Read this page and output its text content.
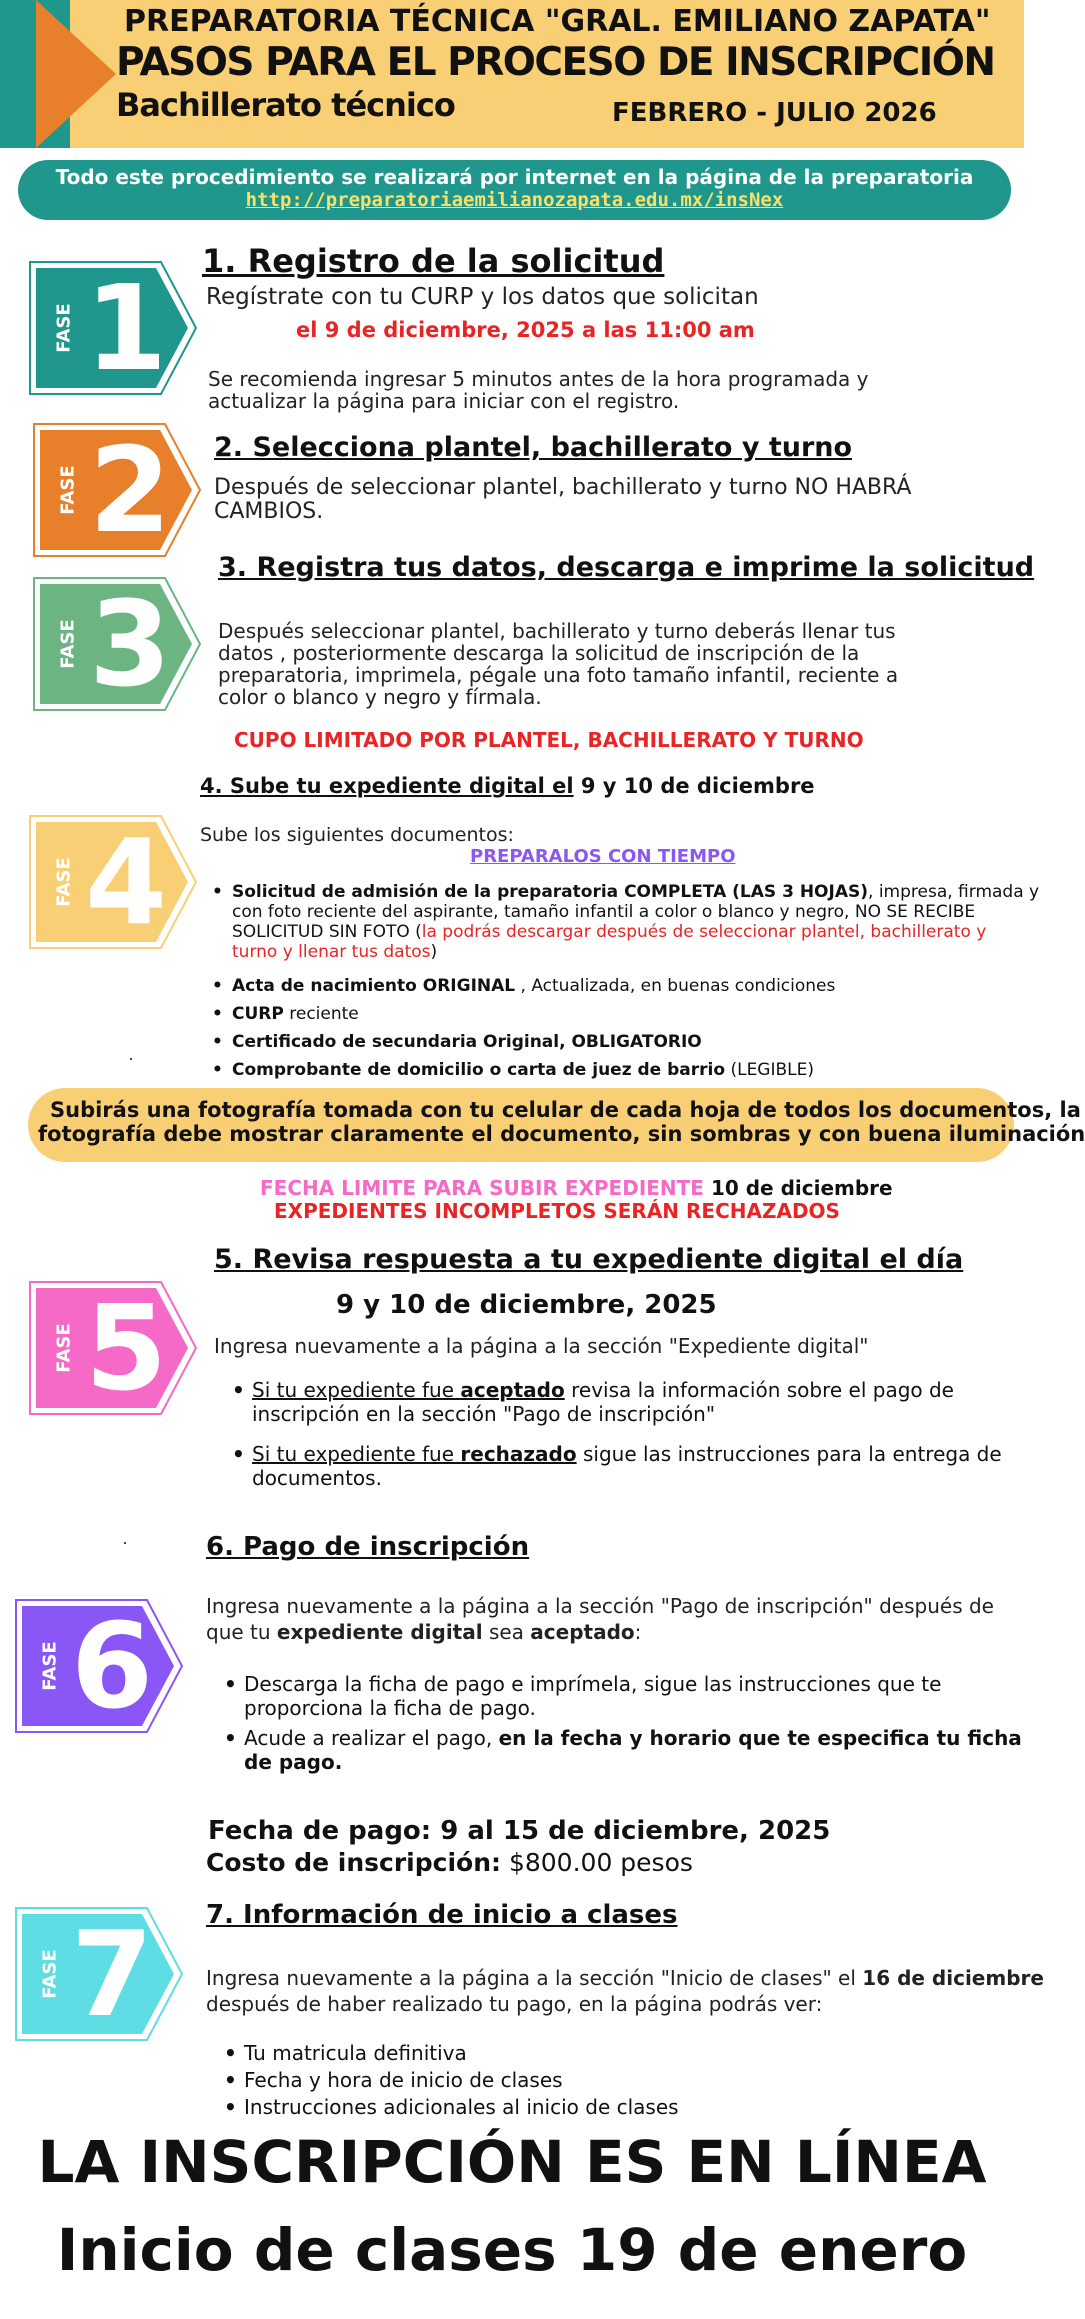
PREPARATORIA TÉCNICA "GRAL. EMILIANO ZAPATA"
PASOS PARA EL PROCESO DE INSCRIPCIÓN
Bachillerato técnico	FEBRERO - JULIO 2026
Todo este procedimiento se realizará por internet en la página de la preparatoria
http://preparatoriaemilianozapata.edu.mx/insNex
FASE 1
FASE 2
FASE 3
FASE 4
FASE 5
FASE 6
FASE 7
1. Registro de la solicitud
Regístrate con tu CURP y los datos que solicitan
el 9 de diciembre, 2025 a las 11:00 am
Se recomienda ingresar 5 minutos antes de la hora programada y
actualizar la página para iniciar con el registro.
2. Selecciona plantel, bachillerato y turno
Después de seleccionar plantel, bachillerato y turno NO HABRÁ
CAMBIOS.
3. Registra tus datos, descarga e imprime la solicitud
Después seleccionar plantel, bachillerato y turno deberás llenar tus
datos , posteriormente descarga la solicitud de inscripción de la
preparatoria, imprimela, pégale una foto tamaño infantil, reciente a
color o blanco y negro y fírmala.
CUPO LIMITADO POR PLANTEL, BACHILLERATO Y TURNO
4. Sube tu expediente digital el 9 y 10 de diciembre
Sube los siguientes documentos:
PREPARALOS CON TIEMPO
• Solicitud de admisión de la preparatoria COMPLETA (LAS 3 HOJAS), impresa, firmada y
con foto reciente del aspirante, tamaño infantil a color o blanco y negro, NO SE RECIBE
SOLICITUD SIN FOTO (la podrás descargar después de seleccionar plantel, bachillerato y
turno y llenar tus datos)
• Acta de nacimiento ORIGINAL , Actualizada, en buenas condiciones
• CURP reciente
• Certificado de secundaria Original, OBLIGATORIO
• Comprobante de domicilio o carta de juez de barrio (LEGIBLE)
Subirás una fotografía tomada con tu celular de cada hoja de todos los documentos, la
fotografía debe mostrar claramente el documento, sin sombras y con buena iluminación
FECHA LIMITE PARA SUBIR EXPEDIENTE 10 de diciembre
EXPEDIENTES INCOMPLETOS SERÁN RECHAZADOS
5. Revisa respuesta a tu expediente digital el día
9 y 10 de diciembre, 2025
Ingresa nuevamente a la página a la sección "Expediente digital"
• Si tu expediente fue aceptado revisa la información sobre el pago de
inscripción en la sección "Pago de inscripción"
• Si tu expediente fue rechazado sigue las instrucciones para la entrega de
documentos.
6. Pago de inscripción
Ingresa nuevamente a la página a la sección "Pago de inscripción" después de
que tu expediente digital sea aceptado:
• Descarga la ficha de pago e imprímela, sigue las instrucciones que te
proporciona la ficha de pago.
• Acude a realizar el pago, en la fecha y horario que te especifica tu ficha
de pago.
Fecha de pago: 9 al 15 de diciembre, 2025
Costo de inscripción: $800.00 pesos
7. Información de inicio a clases
Ingresa nuevamente a la página a la sección "Inicio de clases" el 16 de diciembre
después de haber realizado tu pago, en la página podrás ver:
• Tu matricula definitiva
• Fecha y hora de inicio de clases
• Instrucciones adicionales al inicio de clases
LA INSCRIPCIÓN ES EN LÍNEA
Inicio de clases 19 de enero
